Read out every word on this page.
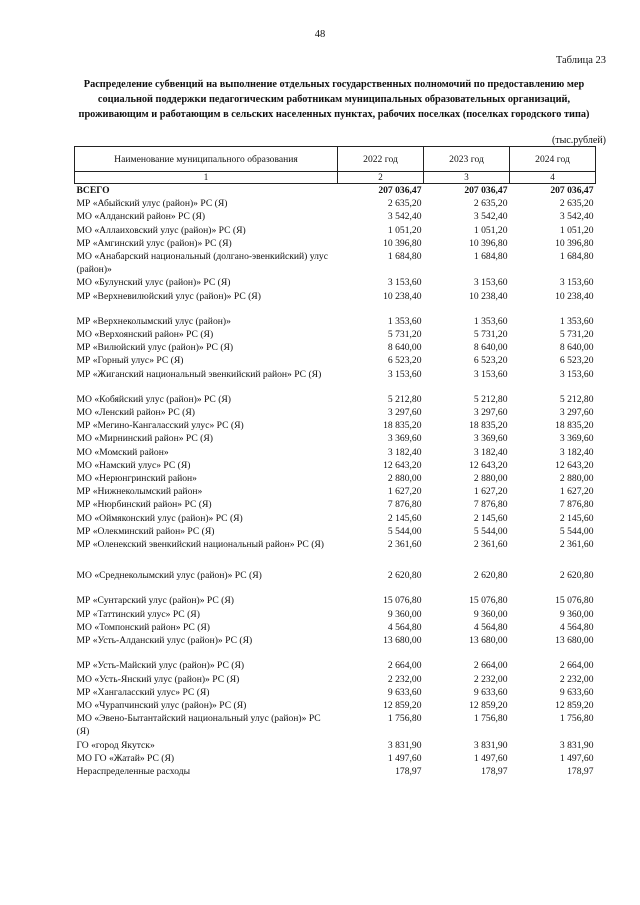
48
Таблица 23
Распределение субвенций на выполнение отдельных государственных полномочий по предоставлению мер социальной поддержки педагогическим работникам муниципальных образовательных организаций, проживающим и работающим в сельских населенных пунктах, рабочих поселках (поселках городского типа)
(тыс.рублей)
Наименование муниципального образования	2022 год	2023 год	2024 год
1	2	3	4
ВСЕГО	207 036,47	207 036,47	207 036,47
МР «Абыйский улус (район)» РС (Я)	2 635,20	2 635,20	2 635,20
МО «Алданский район» РС (Я)	3 542,40	3 542,40	3 542,40
МО «Аллаиховский улус (район)» РС (Я)	1 051,20	1 051,20	1 051,20
МР «Амгинский улус (район)» РС (Я)	10 396,80	10 396,80	10 396,80
МО «Анабарский национальный (долгано-эвенкийский) улус (район)»	1 684,80	1 684,80	1 684,80
МО «Булунский улус (район)» РС (Я)	3 153,60	3 153,60	3 153,60
МР «Верхневилюйский улус (район)» РС (Я)	10 238,40	10 238,40	10 238,40

МР «Верхнеколымский улус (район)»	1 353,60	1 353,60	1 353,60
МО «Верхоянский район» РС (Я)	5 731,20	5 731,20	5 731,20
МР «Вилюйский улус (район)» РС (Я)	8 640,00	8 640,00	8 640,00
МР «Горный улус» РС (Я)	6 523,20	6 523,20	6 523,20
МР «Жиганский национальный эвенкийский район» РС (Я)	3 153,60	3 153,60	3 153,60

МО «Кобяйский улус (район)» РС (Я)	5 212,80	5 212,80	5 212,80
МО «Ленский район» РС (Я)	3 297,60	3 297,60	3 297,60
МР «Мегино-Кангаласский улус» РС (Я)	18 835,20	18 835,20	18 835,20
МО «Мирнинский район» РС (Я)	3 369,60	3 369,60	3 369,60
МО «Момский район»	3 182,40	3 182,40	3 182,40
МО «Намский улус» РС (Я)	12 643,20	12 643,20	12 643,20
МО «Нерюнгринский район»	2 880,00	2 880,00	2 880,00
МР «Нижнеколымский район»	1 627,20	1 627,20	1 627,20
МР «Нюрбинский район» РС (Я)	7 876,80	7 876,80	7 876,80
МО «Оймяконский улус (район)» РС (Я)	2 145,60	2 145,60	2 145,60
МР «Олекминский район» РС (Я)	5 544,00	5 544,00	5 544,00
МР «Оленекский эвенкийский национальный район» РС (Я)	2 361,60	2 361,60	2 361,60

МО «Среднеколымский улус (район)» РС (Я)	2 620,80	2 620,80	2 620,80

МР «Сунтарский улус (район)» РС (Я)	15 076,80	15 076,80	15 076,80
МР «Таттинский улус» РС (Я)	9 360,00	9 360,00	9 360,00
МО «Томпонский район» РС (Я)	4 564,80	4 564,80	4 564,80
МР «Усть-Алданский улус (район)» РС (Я)	13 680,00	13 680,00	13 680,00

МР «Усть-Майский улус (район)» РС (Я)	2 664,00	2 664,00	2 664,00
МО «Усть-Янский улус (район)» РС (Я)	2 232,00	2 232,00	2 232,00
МР «Хангаласский улус» РС (Я)	9 633,60	9 633,60	9 633,60
МО «Чурапчинский улус (район)» РС (Я)	12 859,20	12 859,20	12 859,20
МО «Эвено-Бытантайский национальный улус (район)» РС (Я)	1 756,80	1 756,80	1 756,80
ГО «город Якутск»	3 831,90	3 831,90	3 831,90
МО ГО «Жатай» РС (Я)	1 497,60	1 497,60	1 497,60
Нераспределенные расходы	178,97	178,97	178,97
